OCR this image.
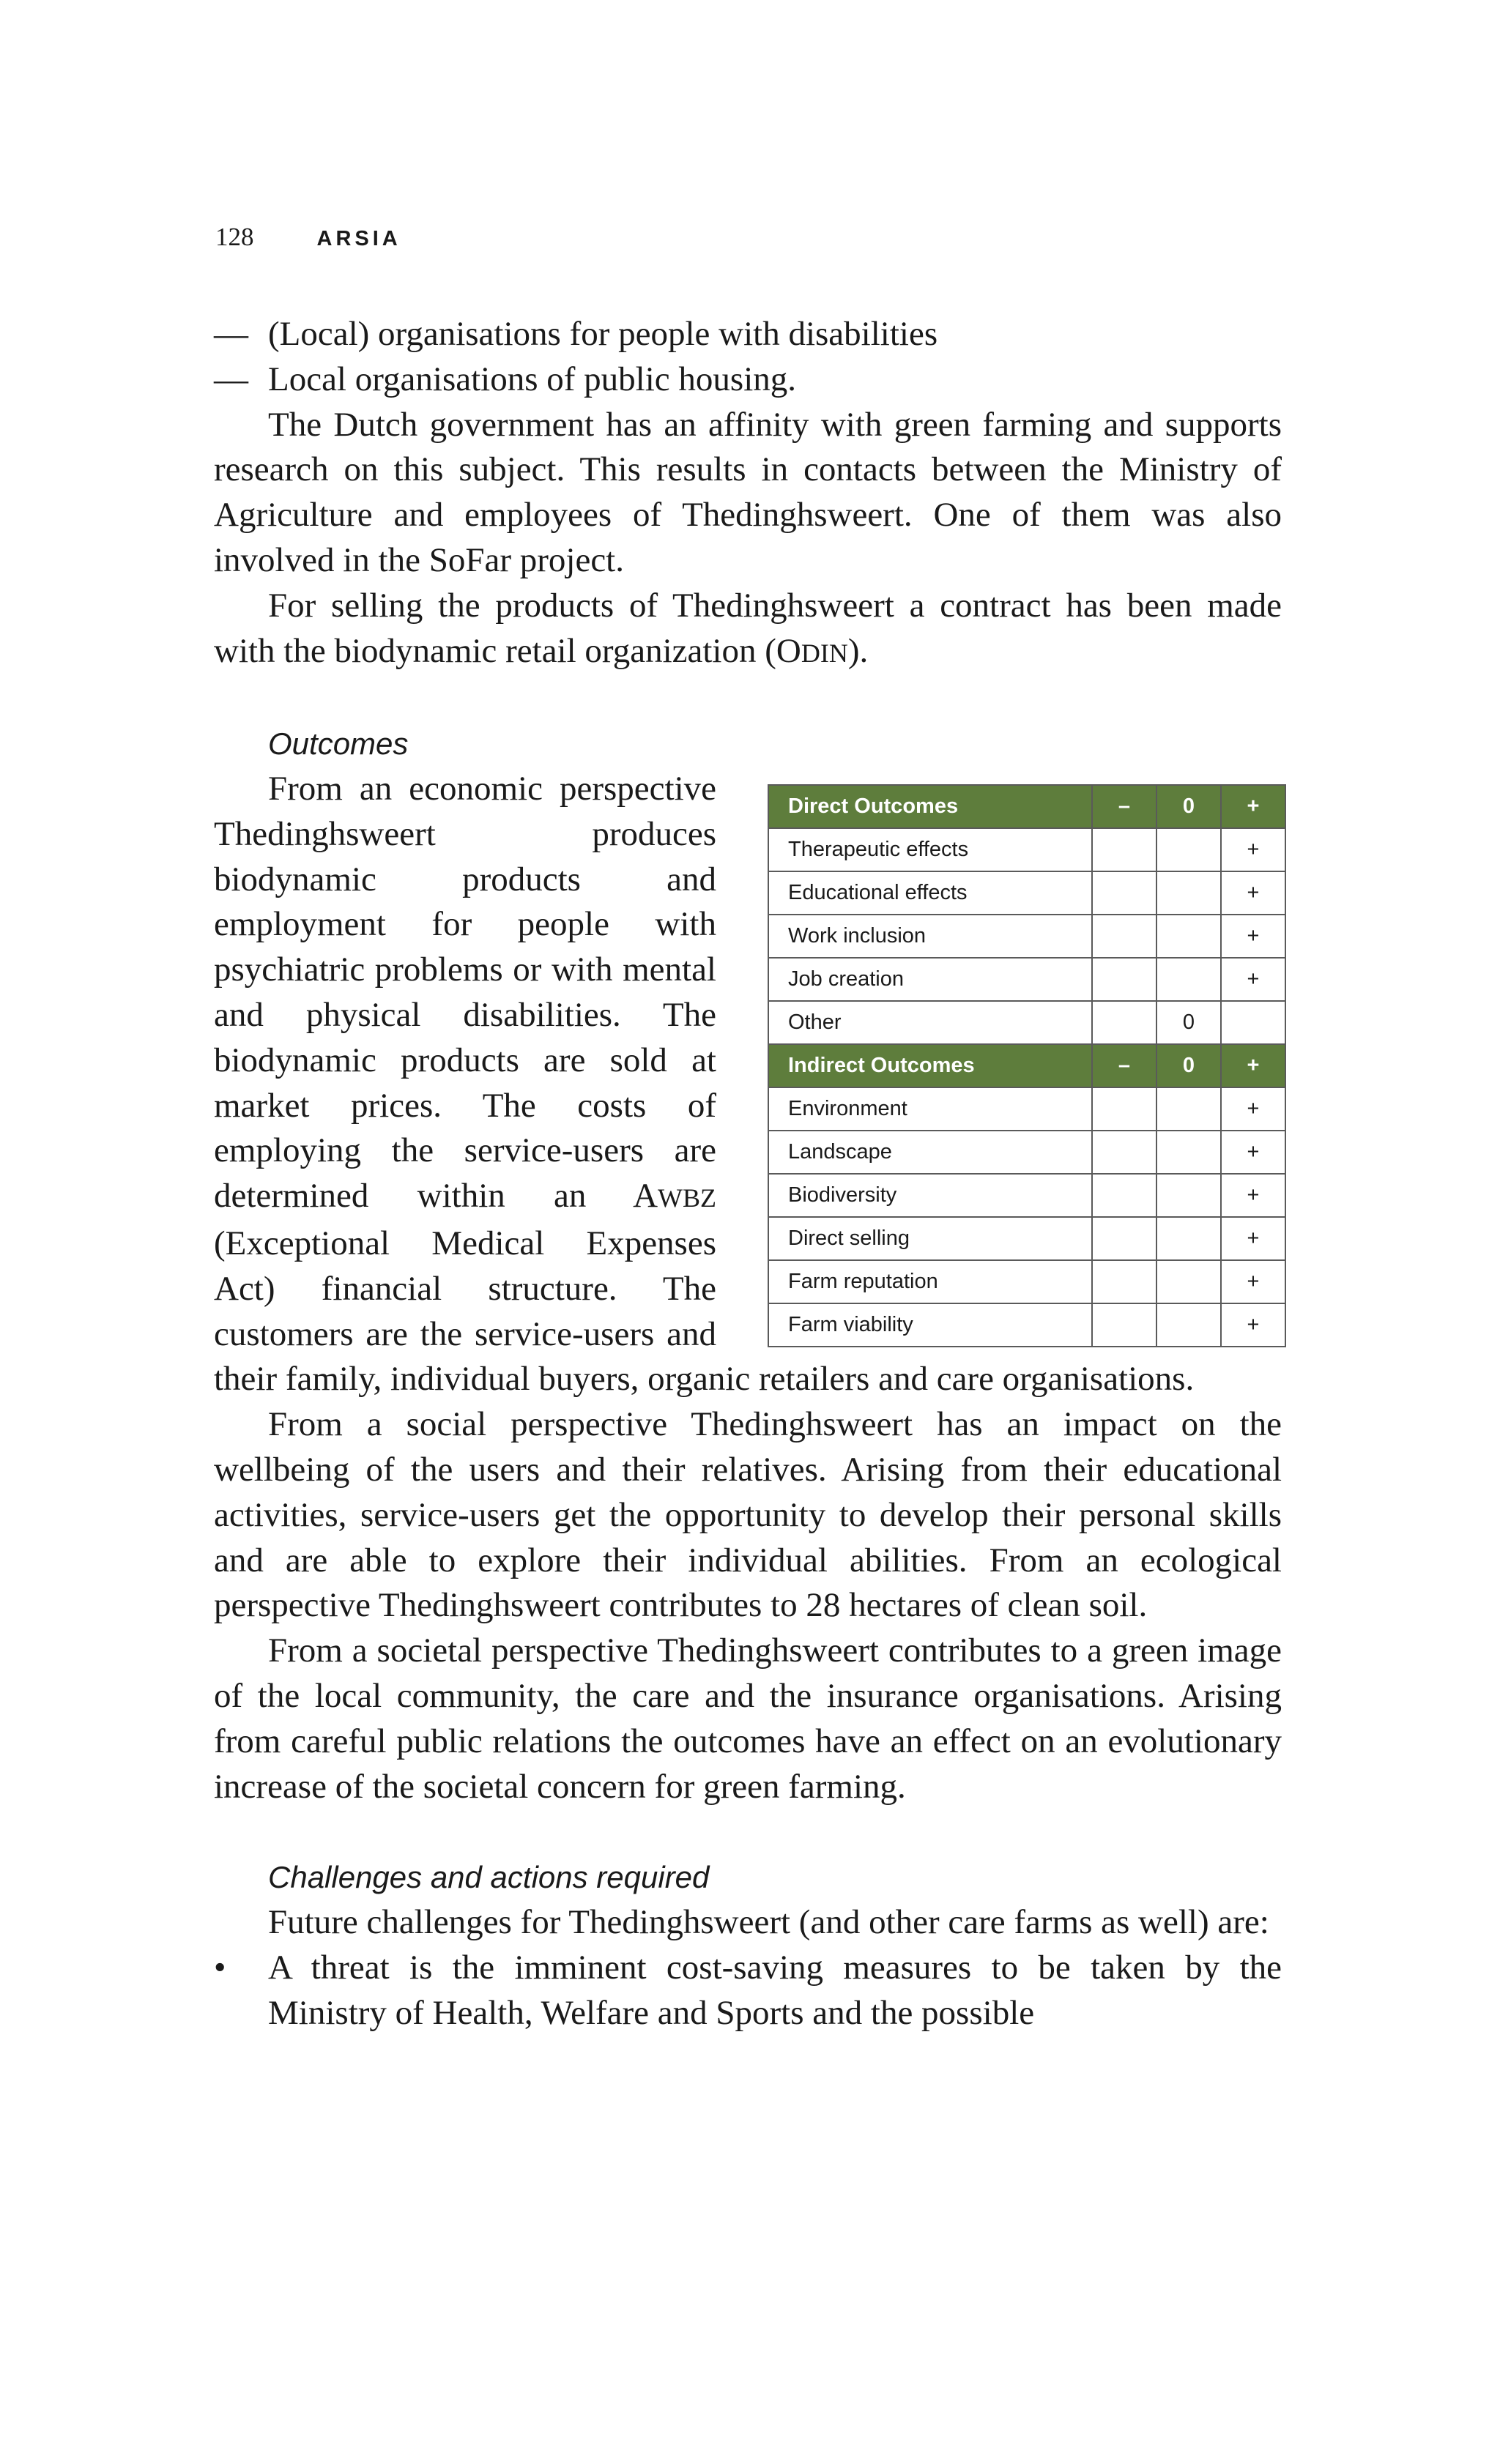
128	ARSIA

— (Local) organisations for people with disabilities

— Local organisations of public housing.

The Dutch government has an affinity with green farming and supports research on this subject. This results in contacts between the Ministry of Agriculture and employees of Thedinghsweert. One of them was also involved in the SoFar project.

For selling the products of Thedinghsweert a contract has been made with the biodynamic retail organization (ODIN).

Outcomes

Direct Outcomes	–	0	+
Therapeutic effects			+
Educational effects			+
Work inclusion			+
Job creation			+
Other		0	
Indirect Outcomes	–	0	+
Environment			+
Landscape			+
Biodiversity			+
Direct selling			+
Farm reputation			+
Farm viability			+

From an economic perspective Thedinghsweert produces biodynamic products and employment for people with psychiatric problems or with mental and physical disabilities. The biodynamic products are sold at market prices. The costs of employing the service-users are determined within an AWBZ (Exceptional Medical Expenses Act) financial structure. The customers are the service-users and their family, individual buyers, organic retailers and care organisations.

From a social perspective Thedinghsweert has an impact on the wellbeing of the users and their relatives. Arising from their educational activities, service-users get the opportunity to develop their personal skills and are able to explore their individual abilities. From an ecological perspective Thedinghsweert contributes to 28 hectares of clean soil.

From a societal perspective Thedinghsweert contributes to a green image of the local community, the care and the insurance organisations. Arising from careful public relations the outcomes have an effect on an evolutionary increase of the societal concern for green farming.

Challenges and actions required

Future challenges for Thedinghsweert (and other care farms as well) are:

• A threat is the imminent cost-saving measures to be taken by the Ministry of Health, Welfare and Sports and the possible
